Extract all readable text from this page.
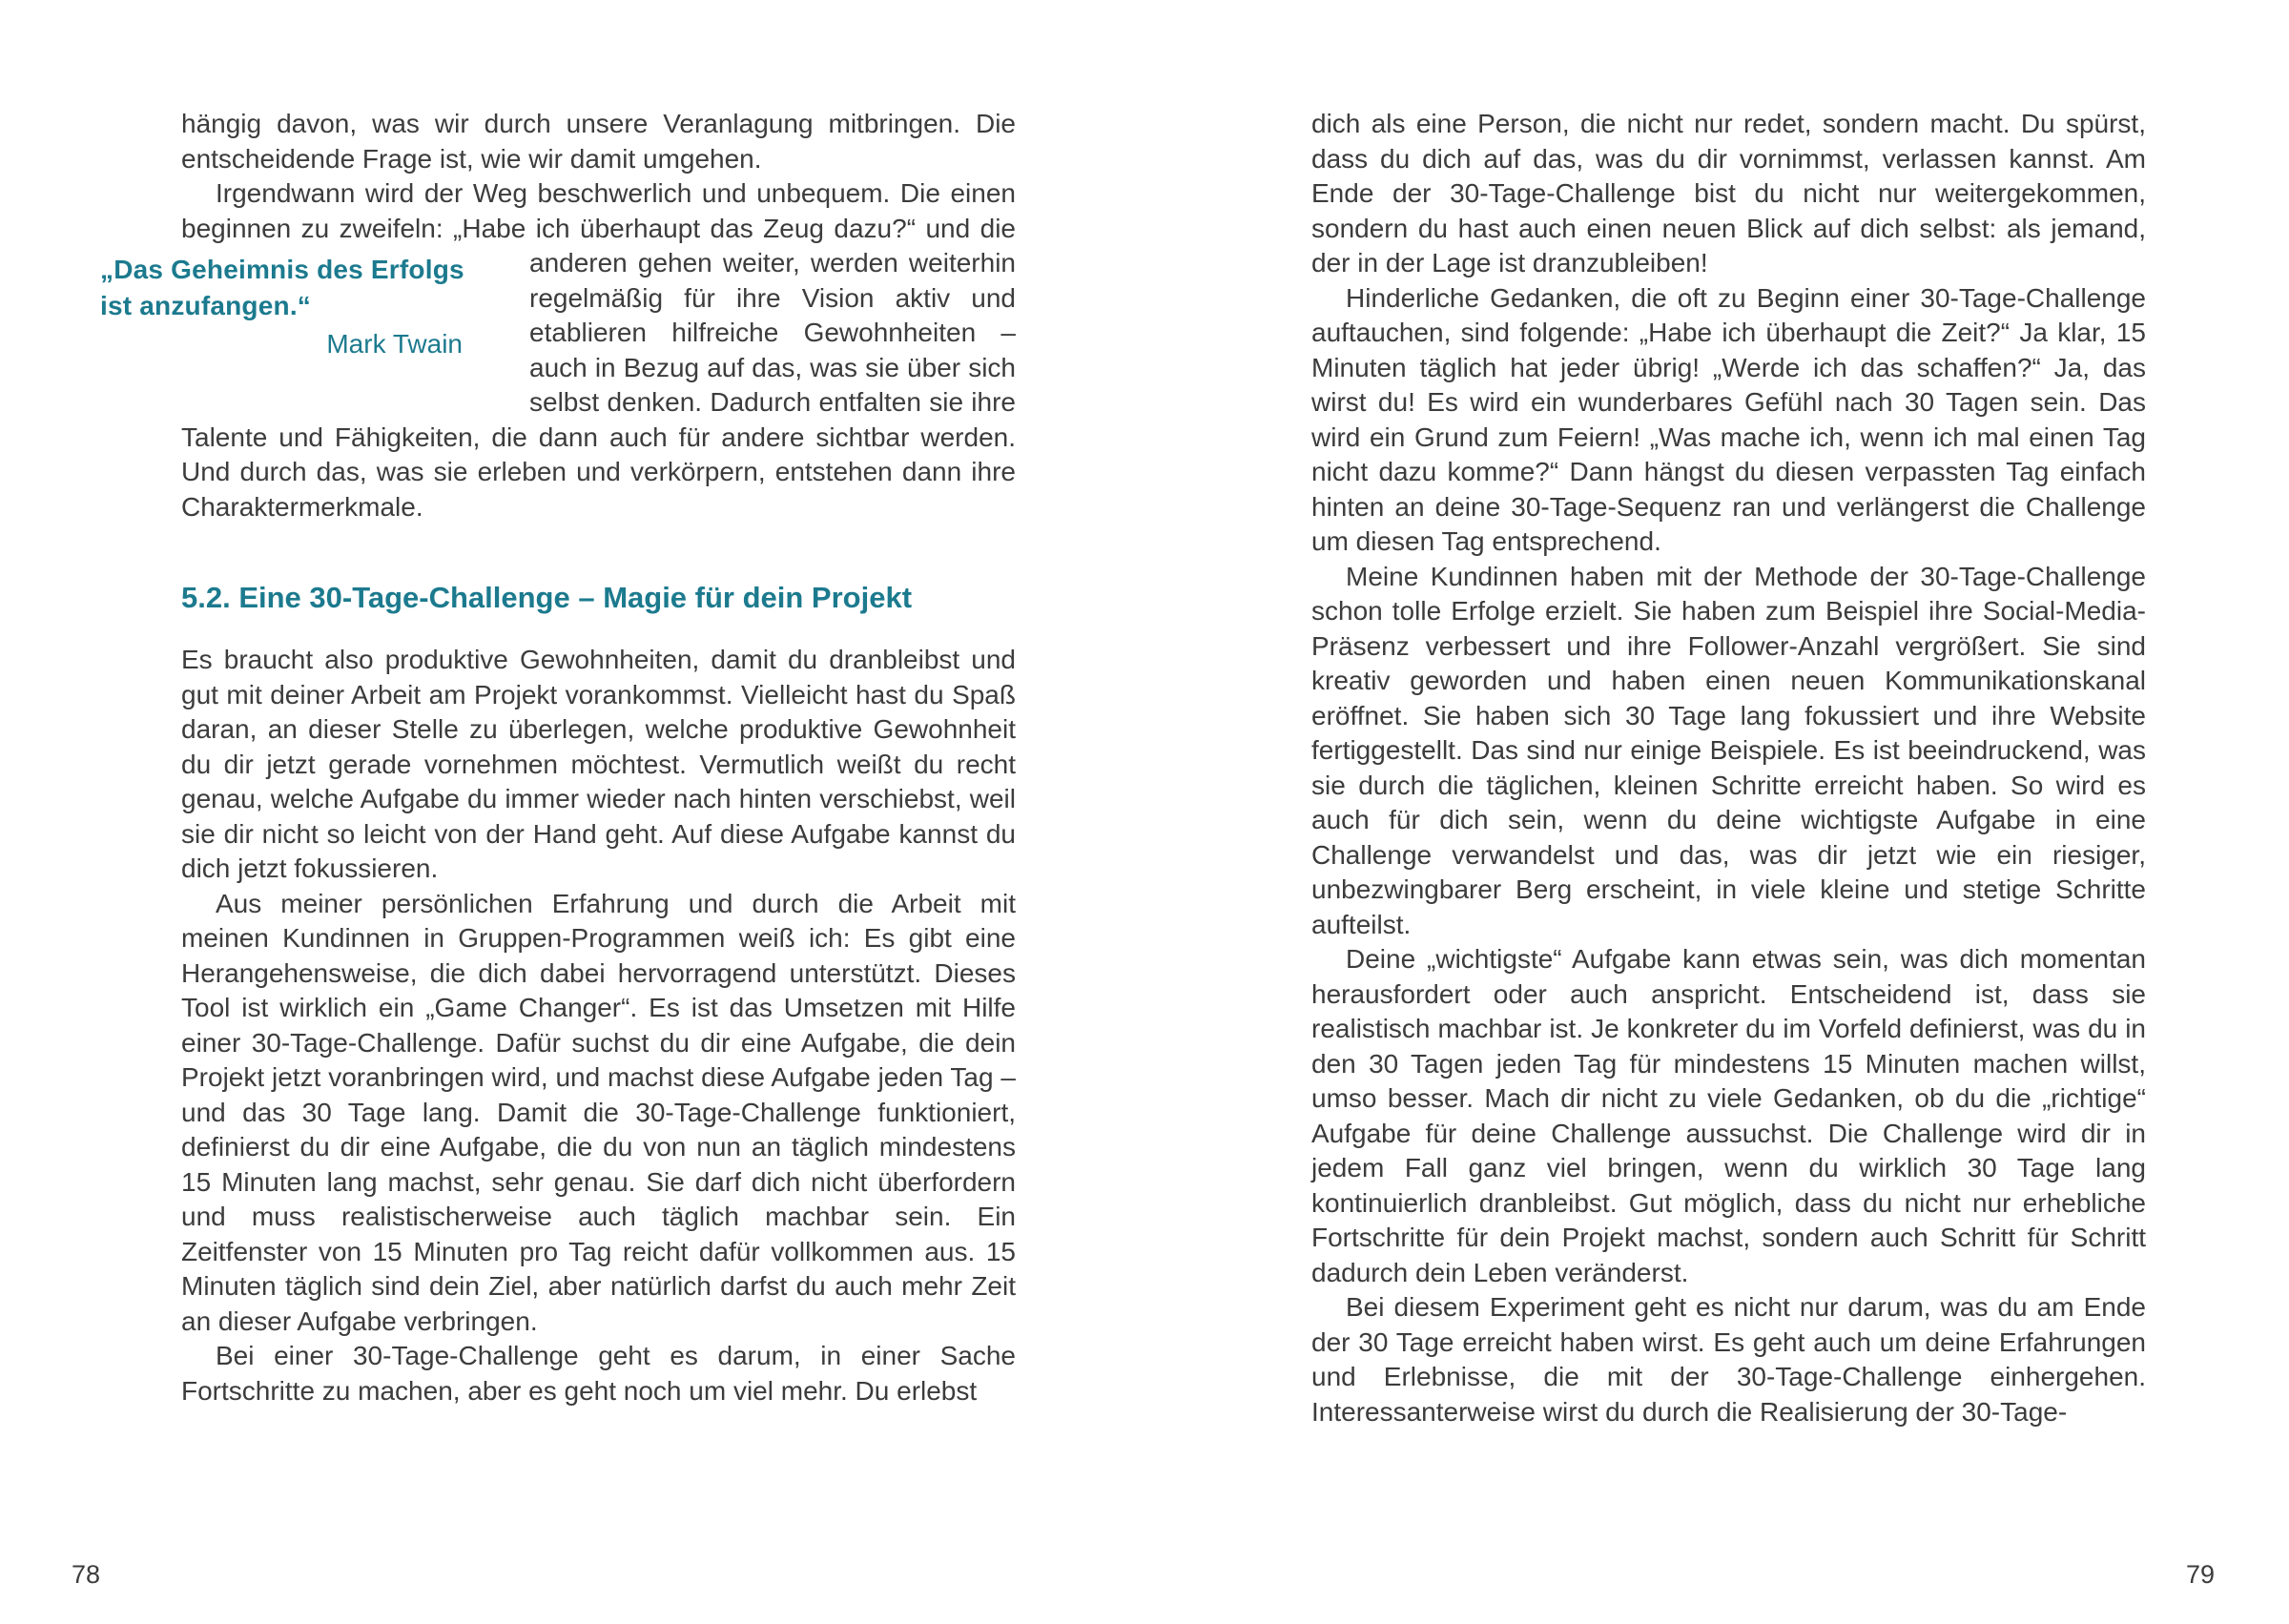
hängig davon, was wir durch unsere Veranlagung mitbringen. Die entscheidende Frage ist, wie wir damit umgehen.

Irgendwann wird der Weg beschwerlich und unbequem. Die einen beginnen zu zweifeln: „Habe ich überhaupt das Zeug dazu?“ und
„Das Geheimnis des Erfolgs ist anzufangen.“
Mark Twain
die anderen gehen weiter, werden weiterhin regelmäßig für ihre Vision aktiv und etablieren hilfreiche Gewohnheiten – auch in Bezug auf das, was sie über sich selbst denken. Dadurch entfalten sie ihre Talente und Fähigkeiten, die dann auch für andere sichtbar werden. Und durch das, was sie erleben und verkörpern, entstehen dann ihre Charaktermerkmale.

5.2. Eine 30-Tage-Challenge – Magie für dein Projekt

Es braucht also produktive Gewohnheiten, damit du dranbleibst und gut mit deiner Arbeit am Projekt vorankommst. Vielleicht hast du Spaß daran, an dieser Stelle zu überlegen, welche produktive Gewohnheit du dir jetzt gerade vornehmen möchtest. Vermutlich weißt du recht genau, welche Aufgabe du immer wieder nach hinten verschiebst, weil sie dir nicht so leicht von der Hand geht. Auf diese Aufgabe kannst du dich jetzt fokussieren.

Aus meiner persönlichen Erfahrung und durch die Arbeit mit meinen Kundinnen in Gruppen-Programmen weiß ich: Es gibt eine Herangehensweise, die dich dabei hervorragend unterstützt. Dieses Tool ist wirklich ein „Game Changer“. Es ist das Umsetzen mit Hilfe einer 30-Tage-Challenge. Dafür suchst du dir eine Aufgabe, die dein Projekt jetzt voranbringen wird, und machst diese Aufgabe jeden Tag – und das 30 Tage lang. Damit die 30-Tage-Challenge funktioniert, definierst du dir eine Aufgabe, die du von nun an täglich mindestens 15 Minuten lang machst, sehr genau. Sie darf dich nicht überfordern und muss realistischerweise auch täglich machbar sein. Ein Zeitfenster von 15 Minuten pro Tag reicht dafür vollkommen aus. 15 Minuten täglich sind dein Ziel, aber natürlich darfst du auch mehr Zeit an dieser Aufgabe verbringen.

Bei einer 30-Tage-Challenge geht es darum, in einer Sache Fortschritte zu machen, aber es geht noch um viel mehr. Du erlebst

78

dich als eine Person, die nicht nur redet, sondern macht. Du spürst, dass du dich auf das, was du dir vornimmst, verlassen kannst. Am Ende der 30-Tage-Challenge bist du nicht nur weitergekommen, sondern du hast auch einen neuen Blick auf dich selbst: als jemand, der in der Lage ist dranzubleiben!

Hinderliche Gedanken, die oft zu Beginn einer 30-Tage-Challenge auftauchen, sind folgende: „Habe ich überhaupt die Zeit?“ Ja klar, 15 Minuten täglich hat jeder übrig! „Werde ich das schaffen?“ Ja, das wirst du! Es wird ein wunderbares Gefühl nach 30 Tagen sein. Das wird ein Grund zum Feiern! „Was mache ich, wenn ich mal einen Tag nicht dazu komme?“ Dann hängst du diesen verpassten Tag einfach hinten an deine 30-Tage-Sequenz ran und verlängerst die Challenge um diesen Tag entsprechend.

Meine Kundinnen haben mit der Methode der 30-Tage-Challenge schon tolle Erfolge erzielt. Sie haben zum Beispiel ihre Social-Media-Präsenz verbessert und ihre Follower-Anzahl vergrößert. Sie sind kreativ geworden und haben einen neuen Kommunikationskanal eröffnet. Sie haben sich 30 Tage lang fokussiert und ihre Website fertiggestellt. Das sind nur einige Beispiele. Es ist beeindruckend, was sie durch die täglichen, kleinen Schritte erreicht haben. So wird es auch für dich sein, wenn du deine wichtigste Aufgabe in eine Challenge verwandelst und das, was dir jetzt wie ein riesiger, unbezwingbarer Berg erscheint, in viele kleine und stetige Schritte aufteilst.

Deine „wichtigste“ Aufgabe kann etwas sein, was dich momentan herausfordert oder auch anspricht. Entscheidend ist, dass sie realistisch machbar ist. Je konkreter du im Vorfeld definierst, was du in den 30 Tagen jeden Tag für mindestens 15 Minuten machen willst, umso besser. Mach dir nicht zu viele Gedanken, ob du die „richtige“ Aufgabe für deine Challenge aussuchst. Die Challenge wird dir in jedem Fall ganz viel bringen, wenn du wirklich 30 Tage lang kontinuierlich dranbleibst. Gut möglich, dass du nicht nur erhebliche Fortschritte für dein Projekt machst, sondern auch Schritt für Schritt dadurch dein Leben veränderst.

Bei diesem Experiment geht es nicht nur darum, was du am Ende der 30 Tage erreicht haben wirst. Es geht auch um deine Erfahrungen und Erlebnisse, die mit der 30-Tage-Challenge einhergehen. Interessanterweise wirst du durch die Realisierung der 30-Tage-

79
